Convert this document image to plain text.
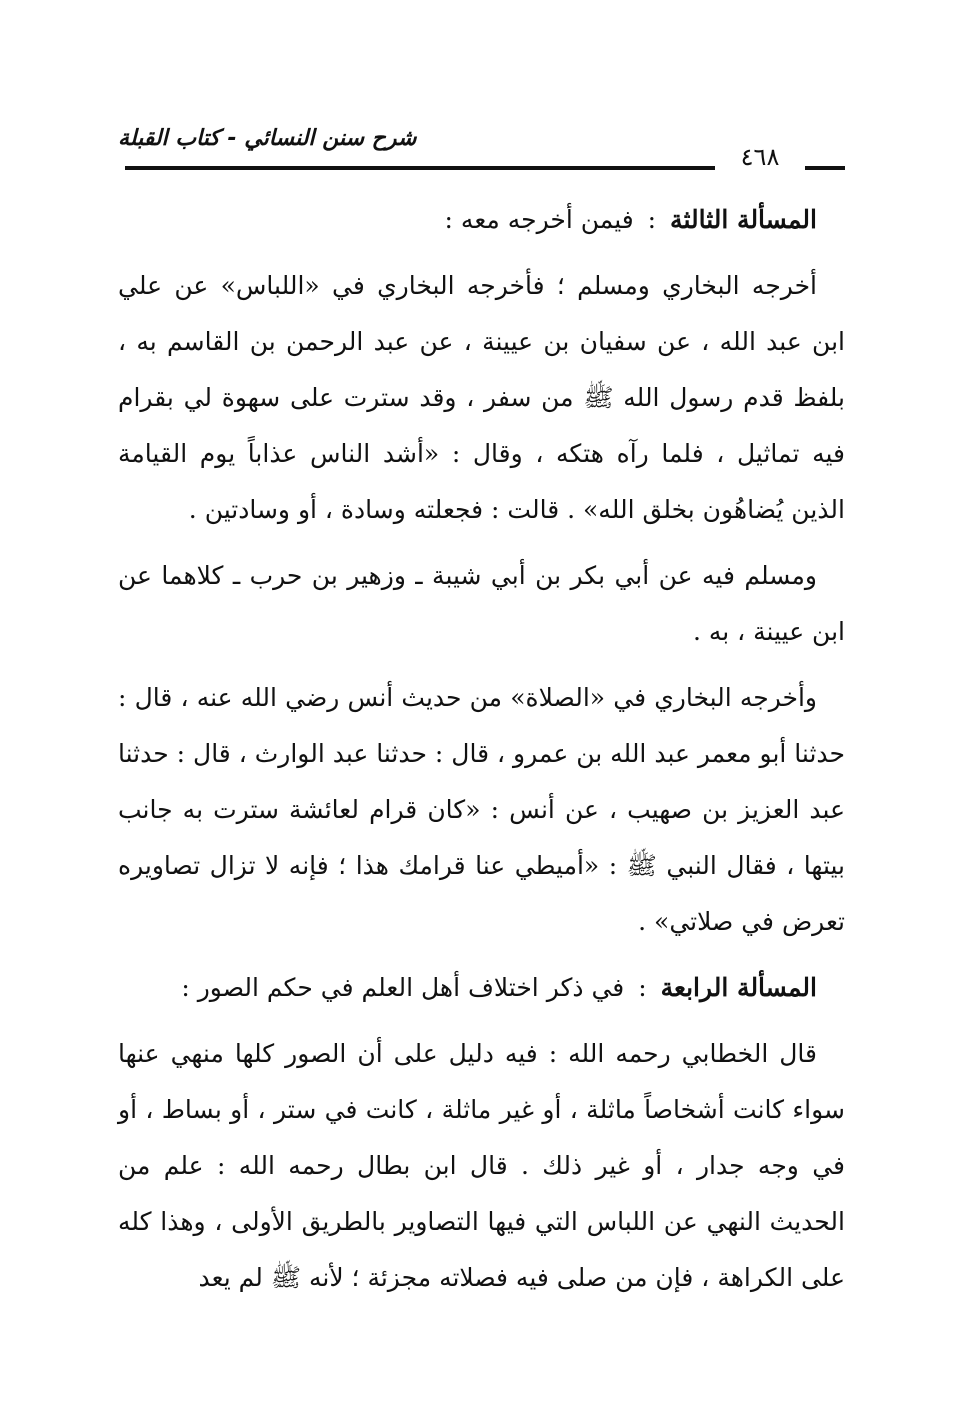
شرح سنن النسائي - كتاب القبلة
٤٦٨

المسألة الثالثة : فيمن أخرجه معه :

أخرجه البخاري ومسلم ؛ فأخرجه البخاري في «اللباس» عن علي ابن عبد الله ، عن سفيان بن عيينة ، عن عبد الرحمن بن القاسم به ، بلفظ قدم رسول الله ﷺ من سفر ، وقد سترت على سهوة لي بقرام فيه تماثيل ، فلما رآه هتكه ، وقال : «أشد الناس عذاباً يوم القيامة الذين يُضاهُون بخلق الله» . قالت : فجعلته وسادة ، أو وسادتين .

ومسلم فيه عن أبي بكر بن أبي شيبة ـ وزهير بن حرب ـ كلاهما عن ابن عيينة ، به .

وأخرجه البخاري في «الصلاة» من حديث أنس رضي الله عنه ، قال : حدثنا أبو معمر عبد الله بن عمرو ، قال : حدثنا عبد الوارث ، قال : حدثنا عبد العزيز بن صهيب ، عن أنس : «كان قرام لعائشة سترت به جانب بيتها ، فقال النبي ﷺ : «أميطي عنا قرامك هذا ؛ فإنه لا تزال تصاويره تعرض في صلاتي» .

المسألة الرابعة : في ذكر اختلاف أهل العلم في حكم الصور :

قال الخطابي رحمه الله : فيه دليل على أن الصور كلها منهي عنها سواء كانت أشخاصاً ماثلة ، أو غير ماثلة ، كانت في ستر ، أو بساط ، أو في وجه جدار ، أو غير ذلك . قال ابن بطال رحمه الله : علم من الحديث النهي عن اللباس التي فيها التصاوير بالطريق الأولى ، وهذا كله على الكراهة ، فإن من صلى فيه فصلاته مجزئة ؛ لأنه ﷺ لم يعد
